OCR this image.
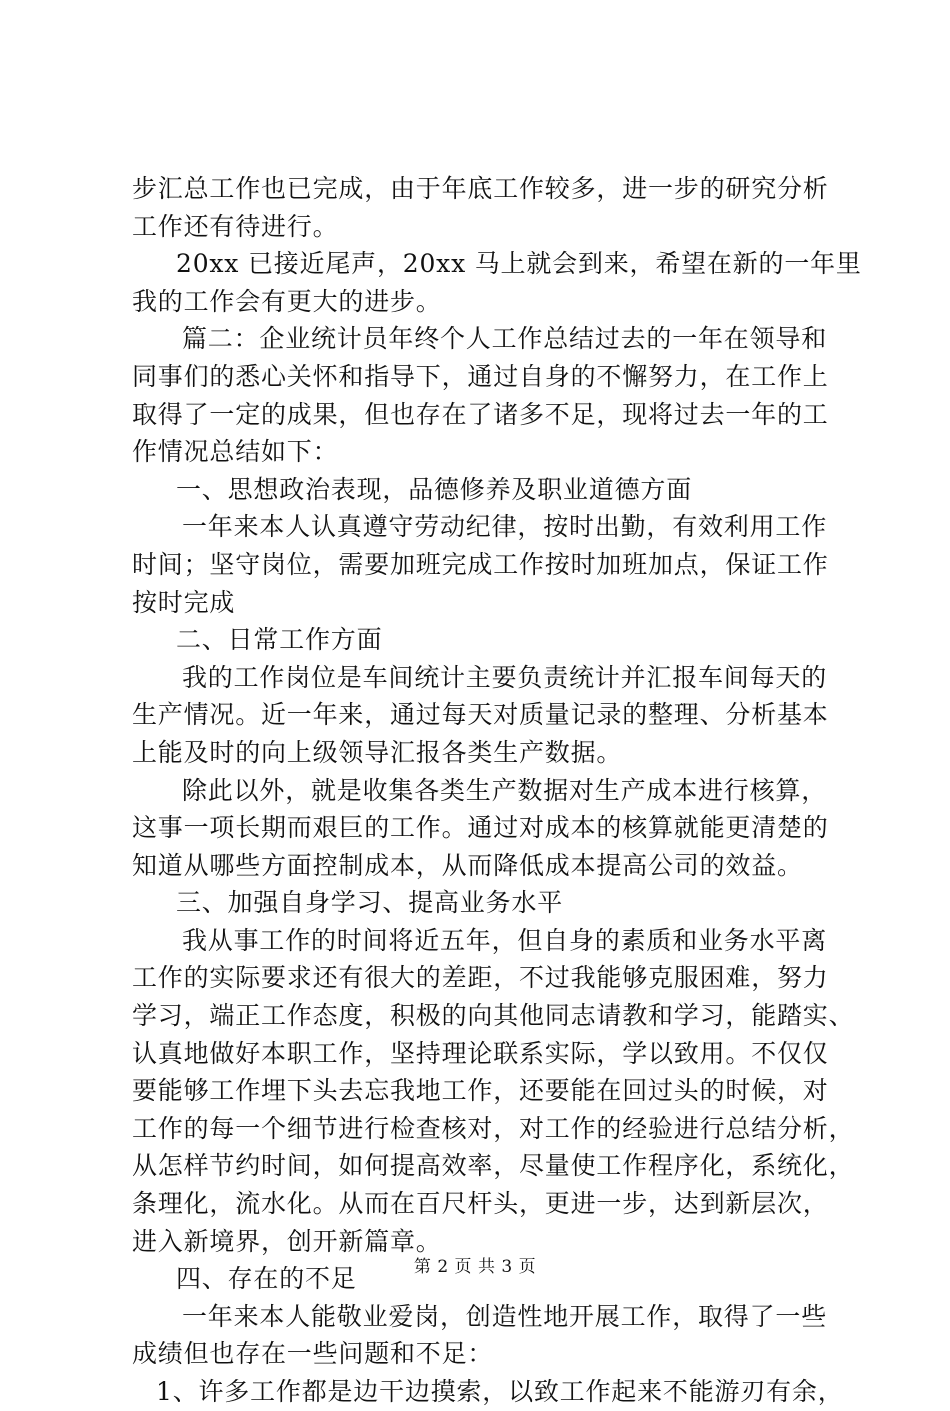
步汇总工作也已完成，由于年底工作较多，进一步的研究分析
工作还有待进行。
20xx 已接近尾声，20xx 马上就会到来，希望在新的一年里
我的工作会有更大的进步。
篇二：企业统计员年终个人工作总结过去的一年在领导和
同事们的悉心关怀和指导下，通过自身的不懈努力，在工作上
取得了一定的成果，但也存在了诸多不足，现将过去一年的工
作情况总结如下：
一、思想政治表现，品德修养及职业道德方面
一年来本人认真遵守劳动纪律，按时出勤，有效利用工作
时间；坚守岗位，需要加班完成工作按时加班加点，保证工作
按时完成
二、日常工作方面
我的工作岗位是车间统计主要负责统计并汇报车间每天的
生产情况。近一年来，通过每天对质量记录的整理、分析基本
上能及时的向上级领导汇报各类生产数据。
除此以外，就是收集各类生产数据对生产成本进行核算，
这事一项长期而艰巨的工作。通过对成本的核算就能更清楚的
知道从哪些方面控制成本，从而降低成本提高公司的效益。
三、加强自身学习、提高业务水平
我从事工作的时间将近五年，但自身的素质和业务水平离
工作的实际要求还有很大的差距，不过我能够克服困难，努力
学习，端正工作态度，积极的向其他同志请教和学习，能踏实、
认真地做好本职工作，坚持理论联系实际，学以致用。不仅仅
要能够工作埋下头去忘我地工作，还要能在回过头的时候，对
工作的每一个细节进行检查核对，对工作的经验进行总结分析，
从怎样节约时间，如何提高效率，尽量使工作程序化，系统化，
条理化，流水化。从而在百尺杆头，更进一步，达到新层次，
进入新境界，创开新篇章。
四、存在的不足
一年来本人能敬业爱岗，创造性地开展工作，取得了一些
成绩但也存在一些问题和不足：
1、许多工作都是边干边摸索，以致工作起来不能游刃有余，
第 2 页 共 3 页
